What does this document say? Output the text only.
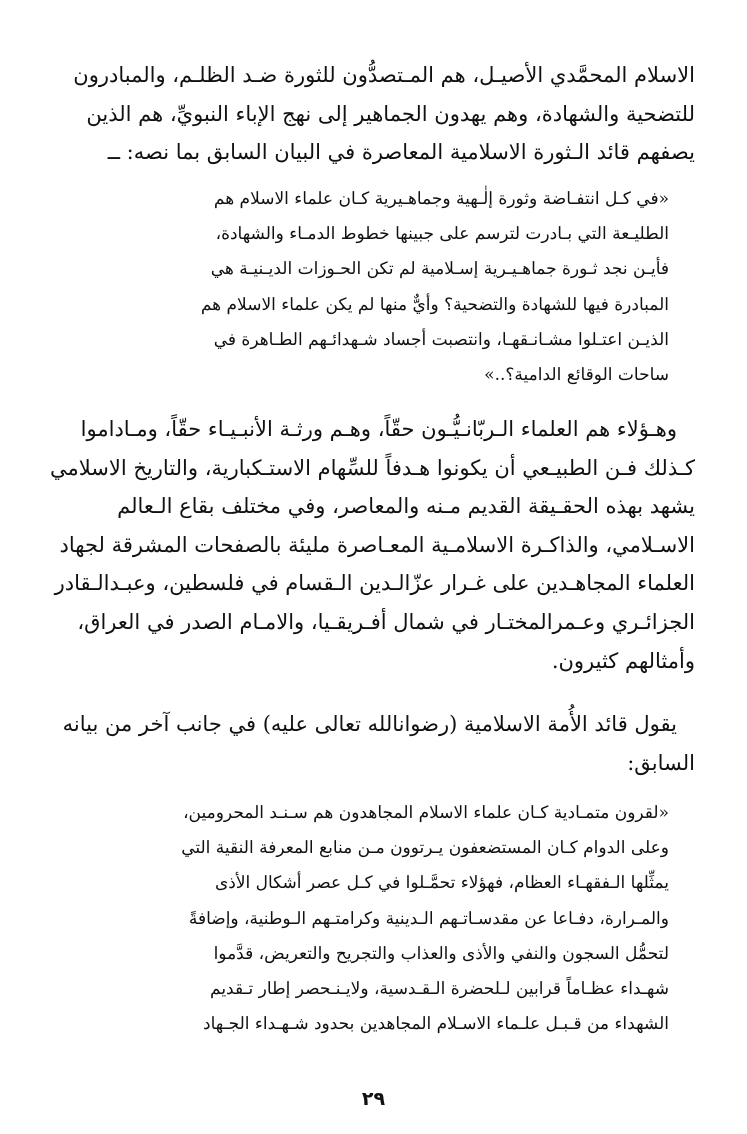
الاسلام المحمَّدي الأصيـل، هم المـتصدُّون للثورة ضـد الظلـم، والمبادرون للتضحية والشهادة، وهم يهدون الجماهير إلى نهج الإباء النبويِّ، هم الذين يصفهم قائد الـثورة الاسلامية المعاصرة في البيان السابق بما نصه: ــ
«في كـل انتفـاضة وثورة إلٰـهية وجماهـيرية كـان علماء الاسلام هم
الطليـعة التي بـادرت لترسم على جبينها خطوط الدمـاء والشهادة،
فأيـن نجد ثـورة جماهـيـرية إسـلامية لم تكن الحـوزات الديـنيـة هي
المبادرة فيها للشهادة والتضحية؟ وأيٌّ منها لم يكن علماء الاسلام هم
الذيـن اعتـلوا مشـانـقهـا، وانتصبت أجساد شـهدائـهم الطـاهرة في
ساحات الوقائع الدامية؟..»
وهـؤلاء هم العلماء الـربّانـيُّـون حقّاً، وهـم ورثـة الأنبـيـاء حقّاً، ومـاداموا كـذلك فـن الطبيـعي أن يكونوا هـدفاً للسِّهام الاستـكبارية، والتاريخ الاسلامي يشهد بهذه الحقـيقة القديم مـنه والمعاصر، وفي مختلف بقاع الـعالم الاسـلامي، والذاكـرة الاسلامـية المعـاصرة مليئة بالصفحات المشرقة لجهاد العلماء المجاهـدين على غـرار عزّالـدين الـقسام في فلسطين، وعبـدالـقادر الجزائـري وعـمرالمختـار في شمال أفـريقـيا، والامـام الصدر في العراق، وأمثالهم كثيرون.
يقول قائد الأُمة الاسلامية (رضوانالله تعالى عليه) في جانب آخر من بيانه السابق:
«لقرون متمـادية كـان علماء الاسلام المجاهدون هم سـنـد المحرومين،
وعلى الدوام كـان المستضعفون يـرتوون مـن منابع المعرفة النقية التي
يمثِّلها الـفقهـاء العظام، فهؤلاء تحمَّـلوا في كـل عصر أشكال الأذى
والمـرارة، دفـاعا عن مقدسـاتـهم الـدينية وكرامتـهم الـوطنية، وإضافةً
لتحمُّل السجون والنفي والأذى والعذاب والتجريح والتعريض، قدَّموا
شهـداء عظـاماً قرابين لـلحضرة الـقـدسية، ولايـنـحصر إطار تـقديم
الشهداء من قـبـل علـماء الاسـلام المجاهدين بحدود شـهـداء الجـهاد
٢٩
